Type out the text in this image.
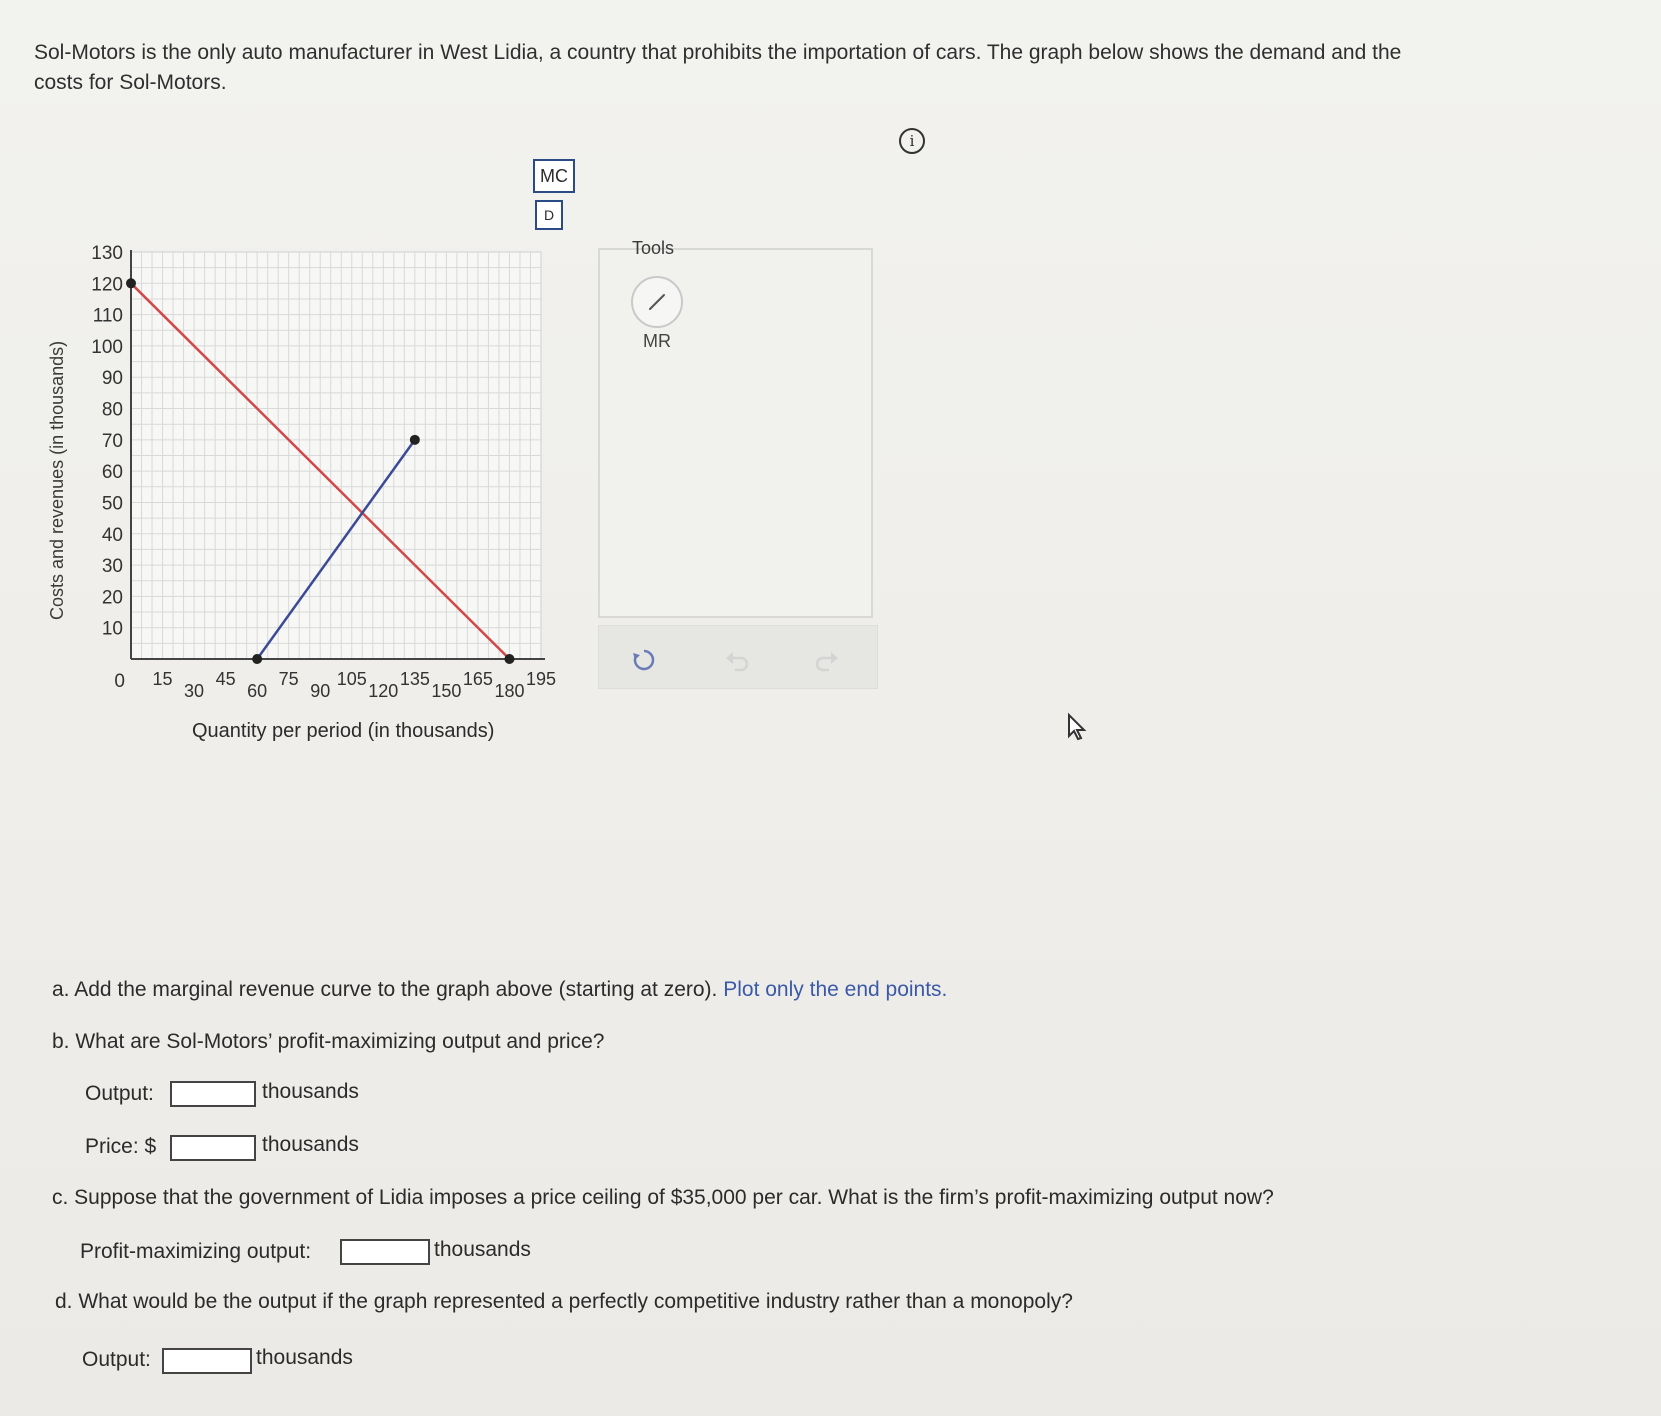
Sol-Motors is the only auto manufacturer in West Lidia, a country that prohibits the importation of cars. The graph below shows the demand and the costs for Sol-Motors.
i
MC
D
10
20
30
40
50
60
70
80
90
100
110
120
130
0 15
30
45
60
75
90
105
120
135
150
165
180
195
Costs and revenues (in thousands)
Quantity per period (in thousands)
Tools
MR
a. Add the marginal revenue curve to the graph above (starting at zero). Plot only the end points.
b. What are Sol-Motors’ profit-maximizing output and price?
Output:	thousands
Price: $	thousands
c. Suppose that the government of Lidia imposes a price ceiling of $35,000 per car. What is the firm’s profit-maximizing output now?
Profit-maximizing output:	thousands
d. What would be the output if the graph represented a perfectly competitive industry rather than a monopoly?
Output:	thousands
